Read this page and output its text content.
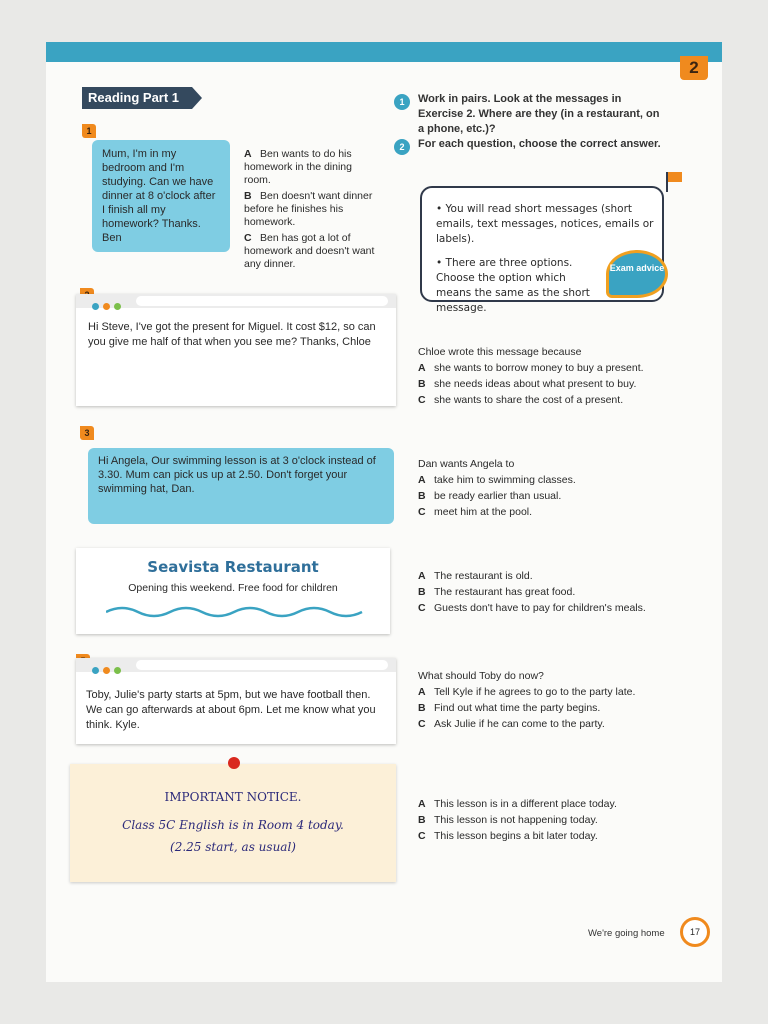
2
Reading Part 1	1	Work in pairs. Look at the messages in Exercise 2. Where are they (in a restaurant, on a phone, etc.)?
2	For each question, choose the correct answer.

• You will read short messages (short emails, text messages, notices, emails or labels).

• There are three options. Choose the option which means the same as the short message.

Exam advice
1
Mum, I'm in my bedroom and I'm studying. Can we have dinner at 8 o'clock after I finish all my homework? Thanks. Ben
A Ben wants to do his homework in the dining room.
B Ben doesn't want dinner before he finishes his homework.
C Ben has got a lot of homework and doesn't want any dinner.
Hi Steve, I've got the present for Miguel. It cost $12, so can you give me half of that when you see me? Thanks, Chloe
Chloe wrote this message because
A she wants to borrow money to buy a present.
B she needs ideas about what present to buy.
C she wants to share the cost of a present.
3
Hi Angela, Our swimming lesson is at 3 o'clock instead of 3.30. Mum can pick us up at 2.50. Don't forget your swimming hat, Dan.
Dan wants Angela to
A take him to swimming classes.
B be ready earlier than usual.
C meet him at the pool.
Seavista Restaurant
Opening this weekend. Free food for children
A The restaurant is old.
B The restaurant has great food.
C Guests don't have to pay for children's meals.
Toby, Julie's party starts at 5pm, but we have football then. We can go afterwards at about 6pm. Let me know what you think. Kyle.
What should Toby do now?
A Tell Kyle if he agrees to go to the party late.
B Find out what time the party begins.
C Ask Julie if he can come to the party.
IMPORTANT NOTICE.
Class 5C English is in Room 4 today.
(2.25 start, as usual)
A This lesson is in a different place today.
B This lesson is not happening today.
C This lesson begins a bit later today.
We're going home	17
